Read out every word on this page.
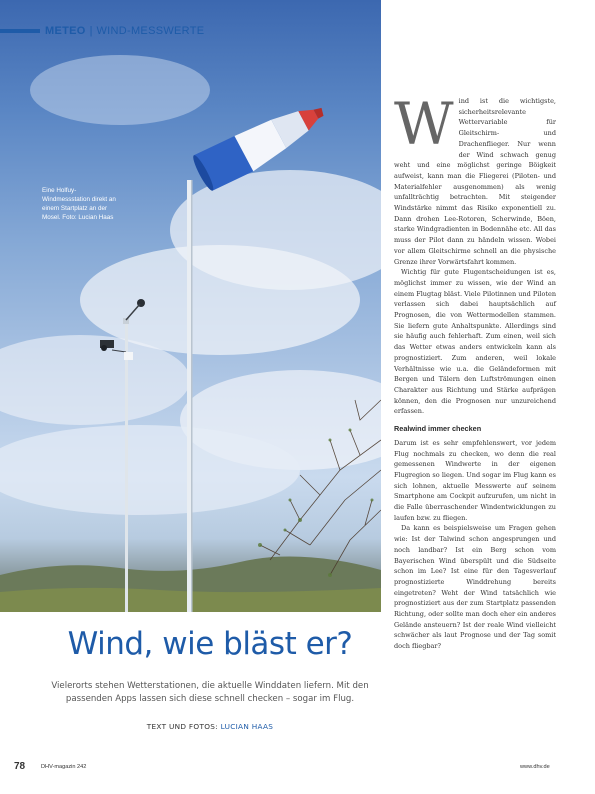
METEO | WIND-MESSWERTE
Eine Holfuy-Windmessstation direkt an einem Startplatz an der Mosel. Foto: Lucian Haas
Wind, wie bläst er?
Vielerorts stehen Wetterstationen, die aktuelle Winddaten liefern. Mit den passenden Apps lassen sich diese schnell checken – sogar im Flug.
TEXT UND FOTOS: LUCIAN HAAS

Wind ist die wichtigste, sicherheitsrelevante Wettervariable für Gleitschirm- und Drachenflieger. Nur wenn der Wind schwach genug weht und eine möglichst geringe Böigkeit aufweist, kann man die Fliegerei (Piloten- und Materialfehler ausgenommen) als wenig unfallträchtig betrachten. Mit steigender Windstärke nimmt das Risiko exponentiell zu. Dann drohen Lee-Rotoren, Scherwinde, Böen, starke Windgradienten in Bodennähe etc. All das muss der Pilot dann zu händeln wissen. Wobei vor allem Gleitschirme schnell an die physische Grenze ihrer Vorwärtsfahrt kommen.

Wichtig für gute Flugentscheidungen ist es, möglichst immer zu wissen, wie der Wind an einem Flugtag bläst. Viele Pilotinnen und Piloten verlassen sich dabei hauptsächlich auf Prognosen, die von Wettermodellen stammen. Sie liefern gute Anhaltspunkte. Allerdings sind sie häufig auch fehlerhaft. Zum einen, weil sich das Wetter etwas anders entwickeln kann als prognostiziert. Zum anderen, weil lokale Verhältnisse wie u.a. die Geländeformen mit Bergen und Tälern den Luftströmungen einen Charakter aus Richtung und Stärke aufprägen können, den die Prognosen nur unzureichend erfassen.

Realwind immer checken

Darum ist es sehr empfehlenswert, vor jedem Flug nochmals zu checken, wo denn die real gemessenen Windwerte in der eigenen Flugregion so liegen. Und sogar im Flug kann es sich lohnen, aktuelle Messwerte auf seinem Smartphone am Cockpit aufzurufen, um nicht in die Falle überraschender Windentwicklungen zu laufen bzw. zu fliegen.

Da kann es beispielsweise um Fragen gehen wie: Ist der Talwind schon angesprungen und noch landbar? Ist ein Berg schon vom Bayerischen Wind überspült und die Südseite schon im Lee? Ist eine für den Tagesverlauf prognostizierte Winddrehung bereits eingetreten? Weht der Wind tatsächlich wie prognostiziert aus der zum Startplatz passenden Richtung, oder sollte man doch eher ein anderes Gelände ansteuern? Ist der reale Wind vielleicht schwächer als laut Prognose und der Tag somit doch fliegbar?

78	DHV-magazin 242	www.dhv.de
